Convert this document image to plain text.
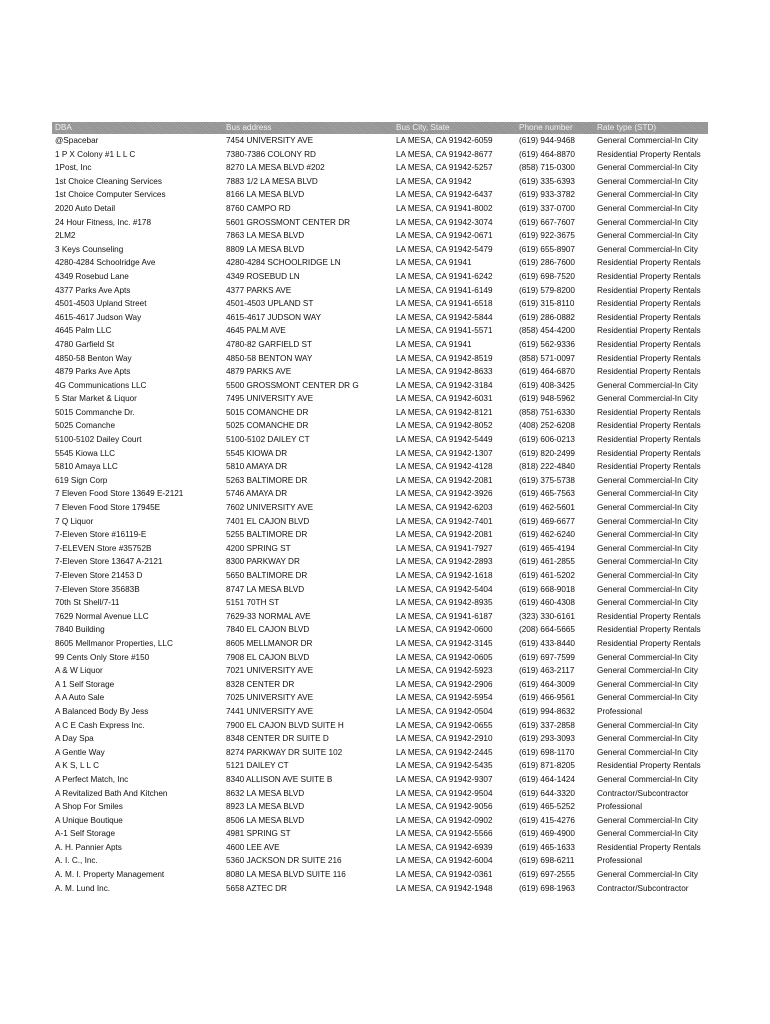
DBA	Bus address	Bus City, State	Phone number	Rate type (STD)
@Spacebar	7454 UNIVERSITY AVE	LA MESA, CA 91942-6059	(619) 944-9468	General Commercial-In City
1 P X Colony #1 L L C	7380-7386 COLONY RD	LA MESA, CA 91942-8677	(619) 464-8870	Residential Property Rentals
1Post, Inc	8270 LA MESA BLVD #202	LA MESA, CA 91942-5257	(858) 715-0300	General Commercial-In City
1st Choice Cleaning Services	7883 1/2 LA MESA BLVD	LA MESA, CA 91942	(619) 335-6393	General Commercial-In City
1st Choice Computer Services	8166 LA MESA BLVD	LA MESA, CA 91942-6437	(619) 933-3782	General Commercial-In City
2020 Auto Detail	8760 CAMPO RD	LA MESA, CA 91941-8002	(619) 337-0700	General Commercial-In City
24 Hour Fitness, Inc. #178	5601 GROSSMONT CENTER DR	LA MESA, CA 91942-3074	(619) 667-7607	General Commercial-In City
2LM2	7863 LA MESA BLVD	LA MESA, CA 91942-0671	(619) 922-3675	General Commercial-In City
3 Keys Counseling	8809 LA MESA BLVD	LA MESA, CA 91942-5479	(619) 655-8907	General Commercial-In City
4280-4284 Schoolridge Ave	4280-4284 SCHOOLRIDGE LN	LA MESA, CA 91941	(619) 286-7600	Residential Property Rentals
4349 Rosebud Lane	4349 ROSEBUD LN	LA MESA, CA 91941-6242	(619) 698-7520	Residential Property Rentals
4377 Parks Ave Apts	4377 PARKS AVE	LA MESA, CA 91941-6149	(619) 579-8200	Residential Property Rentals
4501-4503 Upland Street	4501-4503 UPLAND ST	LA MESA, CA 91941-6518	(619) 315-8110	Residential Property Rentals
4615-4617 Judson Way	4615-4617 JUDSON WAY	LA MESA, CA 91942-5844	(619) 286-0882	Residential Property Rentals
4645 Palm LLC	4645 PALM AVE	LA MESA, CA 91941-5571	(858) 454-4200	Residential Property Rentals
4780 Garfield St	4780-82 GARFIELD ST	LA MESA, CA 91941	(619) 562-9336	Residential Property Rentals
4850-58 Benton Way	4850-58 BENTON WAY	LA MESA, CA 91942-8519	(858) 571-0097	Residential Property Rentals
4879 Parks Ave Apts	4879 PARKS AVE	LA MESA, CA 91942-8633	(619) 464-6870	Residential Property Rentals
4G Communications LLC	5500 GROSSMONT CENTER DR G	LA MESA, CA 91942-3184	(619) 408-3425	General Commercial-In City
5 Star Market & Liquor	7495 UNIVERSITY AVE	LA MESA, CA 91942-6031	(619) 948-5962	General Commercial-In City
5015 Commanche Dr.	5015 COMANCHE DR	LA MESA, CA 91942-8121	(858) 751-6330	Residential Property Rentals
5025 Comanche	5025 COMANCHE DR	LA MESA, CA 91942-8052	(408) 252-6208	Residential Property Rentals
5100-5102 Dailey Court	5100-5102 DAILEY CT	LA MESA, CA 91942-5449	(619) 606-0213	Residential Property Rentals
5545 Kiowa LLC	5545 KIOWA DR	LA MESA, CA 91942-1307	(619) 820-2499	Residential Property Rentals
5810 Amaya LLC	5810 AMAYA DR	LA MESA, CA 91942-4128	(818) 222-4840	Residential Property Rentals
619 Sign Corp	5263 BALTIMORE DR	LA MESA, CA 91942-2081	(619) 375-5738	General Commercial-In City
7 Eleven Food Store 13649 E-2121	5746 AMAYA DR	LA MESA, CA 91942-3926	(619) 465-7563	General Commercial-In City
7 Eleven Food Store 17945E	7602 UNIVERSITY AVE	LA MESA, CA 91942-6203	(619) 462-5601	General Commercial-In City
7 Q Liquor	7401 EL CAJON BLVD	LA MESA, CA 91942-7401	(619) 469-6677	General Commercial-In City
7-Eleven Store #16119-E	5255 BALTIMORE DR	LA MESA, CA 91942-2081	(619) 462-6240	General Commercial-In City
7-ELEVEN Store #35752B	4200 SPRING ST	LA MESA, CA 91941-7927	(619) 465-4194	General Commercial-In City
7-Eleven Store 13647 A-2121	8300 PARKWAY DR	LA MESA, CA 91942-2893	(619) 461-2855	General Commercial-In City
7-Eleven Store 21453 D	5650 BALTIMORE DR	LA MESA, CA 91942-1618	(619) 461-5202	General Commercial-In City
7-Eleven Store 35683B	8747 LA MESA BLVD	LA MESA, CA 91942-5404	(619) 668-9018	General Commercial-In City
70th St Shell/7-11	5151 70TH ST	LA MESA, CA 91942-8935	(619) 460-4308	General Commercial-In City
7629 Normal Avenue LLC	7629-33 NORMAL AVE	LA MESA, CA 91941-6187	(323) 330-6161	Residential Property Rentals
7840 Building	7840 EL CAJON BLVD	LA MESA, CA 91942-0600	(208) 664-5665	Residential Property Rentals
8605 Mellmanor Properties, LLC	8605 MELLMANOR DR	LA MESA, CA 91942-3145	(619) 433-8440	Residential Property Rentals
99 Cents Only Store #150	7908 EL CAJON BLVD	LA MESA, CA 91942-0605	(619) 697-7599	General Commercial-In City
A & W Liquor	7021 UNIVERSITY AVE	LA MESA, CA 91942-5923	(619) 463-2117	General Commercial-In City
A 1 Self Storage	8328 CENTER DR	LA MESA, CA 91942-2906	(619) 464-3009	General Commercial-In City
A A Auto Sale	7025 UNIVERSITY AVE	LA MESA, CA 91942-5954	(619) 466-9561	General Commercial-In City
A Balanced Body By Jess	7441 UNIVERSITY AVE	LA MESA, CA 91942-0504	(619) 994-8632	Professional
A C E Cash Express Inc.	7900 EL CAJON BLVD SUITE H	LA MESA, CA 91942-0655	(619) 337-2858	General Commercial-In City
A Day Spa	8348 CENTER DR SUITE D	LA MESA, CA 91942-2910	(619) 293-3093	General Commercial-In City
A Gentle Way	8274 PARKWAY DR SUITE 102	LA MESA, CA 91942-2445	(619) 698-1170	General Commercial-In City
A K S, L L C	5121 DAILEY CT	LA MESA, CA 91942-5435	(619) 871-8205	Residential Property Rentals
A Perfect Match, Inc	8340 ALLISON AVE SUITE B	LA MESA, CA 91942-9307	(619) 464-1424	General Commercial-In City
A Revitalized Bath And Kitchen	8632 LA MESA BLVD	LA MESA, CA 91942-9504	(619) 644-3320	Contractor/Subcontractor
A Shop For Smiles	8923 LA MESA BLVD	LA MESA, CA 91942-9056	(619) 465-5252	Professional
A Unique Boutique	8506 LA MESA BLVD	LA MESA, CA 91942-0902	(619) 415-4276	General Commercial-In City
A-1 Self Storage	4981 SPRING ST	LA MESA, CA 91942-5566	(619) 469-4900	General Commercial-In City
A. H. Pannier Apts	4600 LEE AVE	LA MESA, CA 91942-6939	(619) 465-1633	Residential Property Rentals
A. I. C., Inc.	5360 JACKSON DR SUITE 216	LA MESA, CA 91942-6004	(619) 698-6211	Professional
A. M. I. Property Management	8080 LA MESA BLVD SUITE 116	LA MESA, CA 91942-0361	(619) 697-2555	General Commercial-In City
A. M. Lund Inc.	5658 AZTEC DR	LA MESA, CA 91942-1948	(619) 698-1963	Contractor/Subcontractor
